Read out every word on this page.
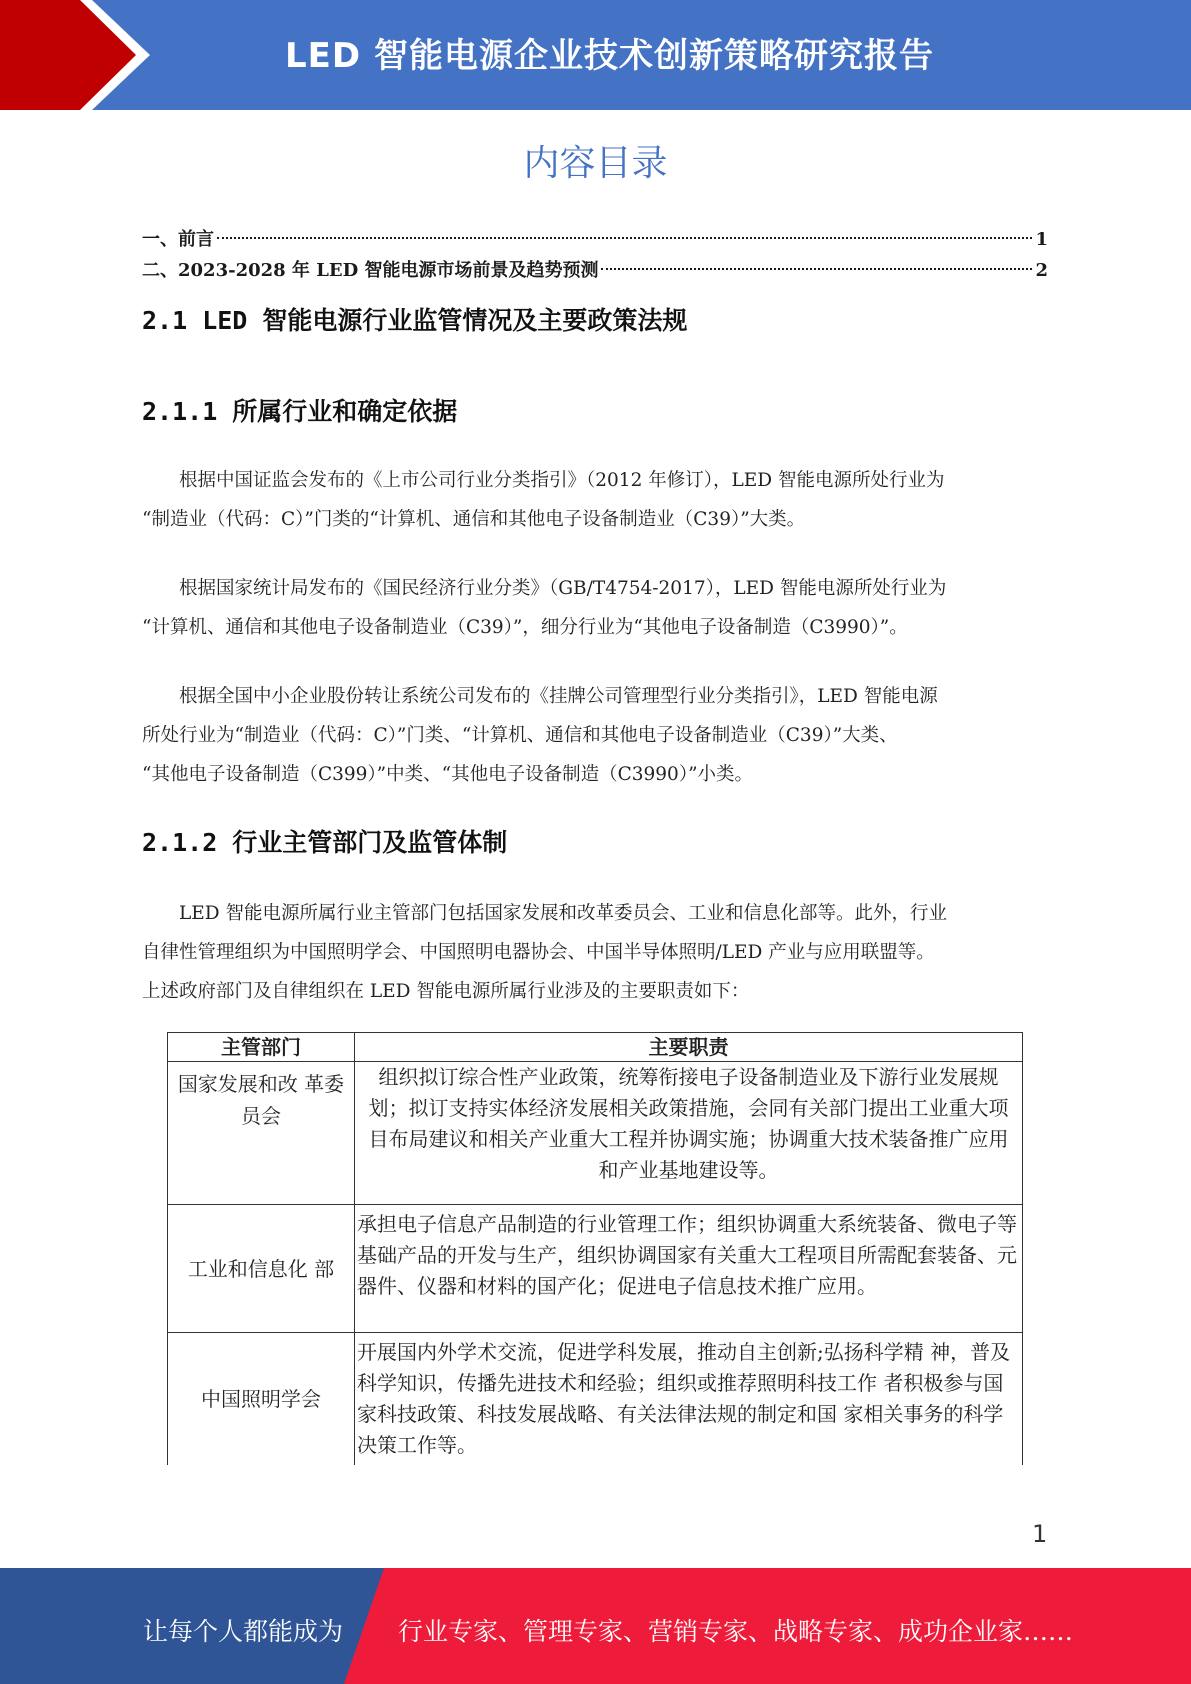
LED 智能电源企业技术创新策略研究报告
内容目录
一、前言	1
二、2023-2028 年 LED 智能电源市场前景及趋势预测	2
2.1 LED 智能电源行业监管情况及主要政策法规
2.1.1 所属行业和确定依据

根据中国证监会发布的《上市公司行业分类指引》（2012 年修订），LED 智能电源所处行业为

“制造业（代码：C）”门类的“计算机、通信和其他电子设备制造业（C39）”大类。

根据国家统计局发布的《国民经济行业分类》（GB/T4754-2017），LED 智能电源所处行业为

“计算机、通信和其他电子设备制造业（C39）”，细分行业为“其他电子设备制造（C3990）”。

根据全国中小企业股份转让系统公司发布的《挂牌公司管理型行业分类指引》，LED 智能电源

所处行业为“制造业（代码：C）”门类、“计算机、通信和其他电子设备制造业（C39）”大类、

“其他电子设备制造（C399）”中类、“其他电子设备制造（C3990）”小类。

2.1.2 行业主管部门及监管体制

LED 智能电源所属行业主管部门包括国家发展和改革委员会、工业和信息化部等。此外，行业

自律性管理组织为中国照明学会、中国照明电器协会、中国半导体照明/LED 产业与应用联盟等。

上述政府部门及自律组织在 LED 智能电源所属行业涉及的主要职责如下：

主管部门	主要职责
国家发展和改 革委员会	组织拟订综合性产业政策，统筹衔接电子设备制造业及下游行业发展规划；拟订支持实体经济发展相关政策措施，会同有关部门提出工业重大项目布局建议和相关产业重大工程并协调实施；协调重大技术装备推广应用和产业基地建设等。
工业和信息化 部	承担电子信息产品制造的行业管理工作；组织协调重大系统装备、微电子等基础产品的开发与生产，组织协调国家有关重大工程项目所需配套装备、元器件、仪器和材料的国产化；促进电子信息技术推广应用。
中国照明学会	开展国内外学术交流，促进学科发展，推动自主创新;弘扬科学精 神，普及科学知识，传播先进技术和经验；组织或推荐照明科技工作 者积极参与国家科技政策、科技发展战略、有关法律法规的制定和国 家相关事务的科学决策工作等。
1
让每个人都能成为 行业专家、管理专家、营销专家、战略专家、成功企业家……
